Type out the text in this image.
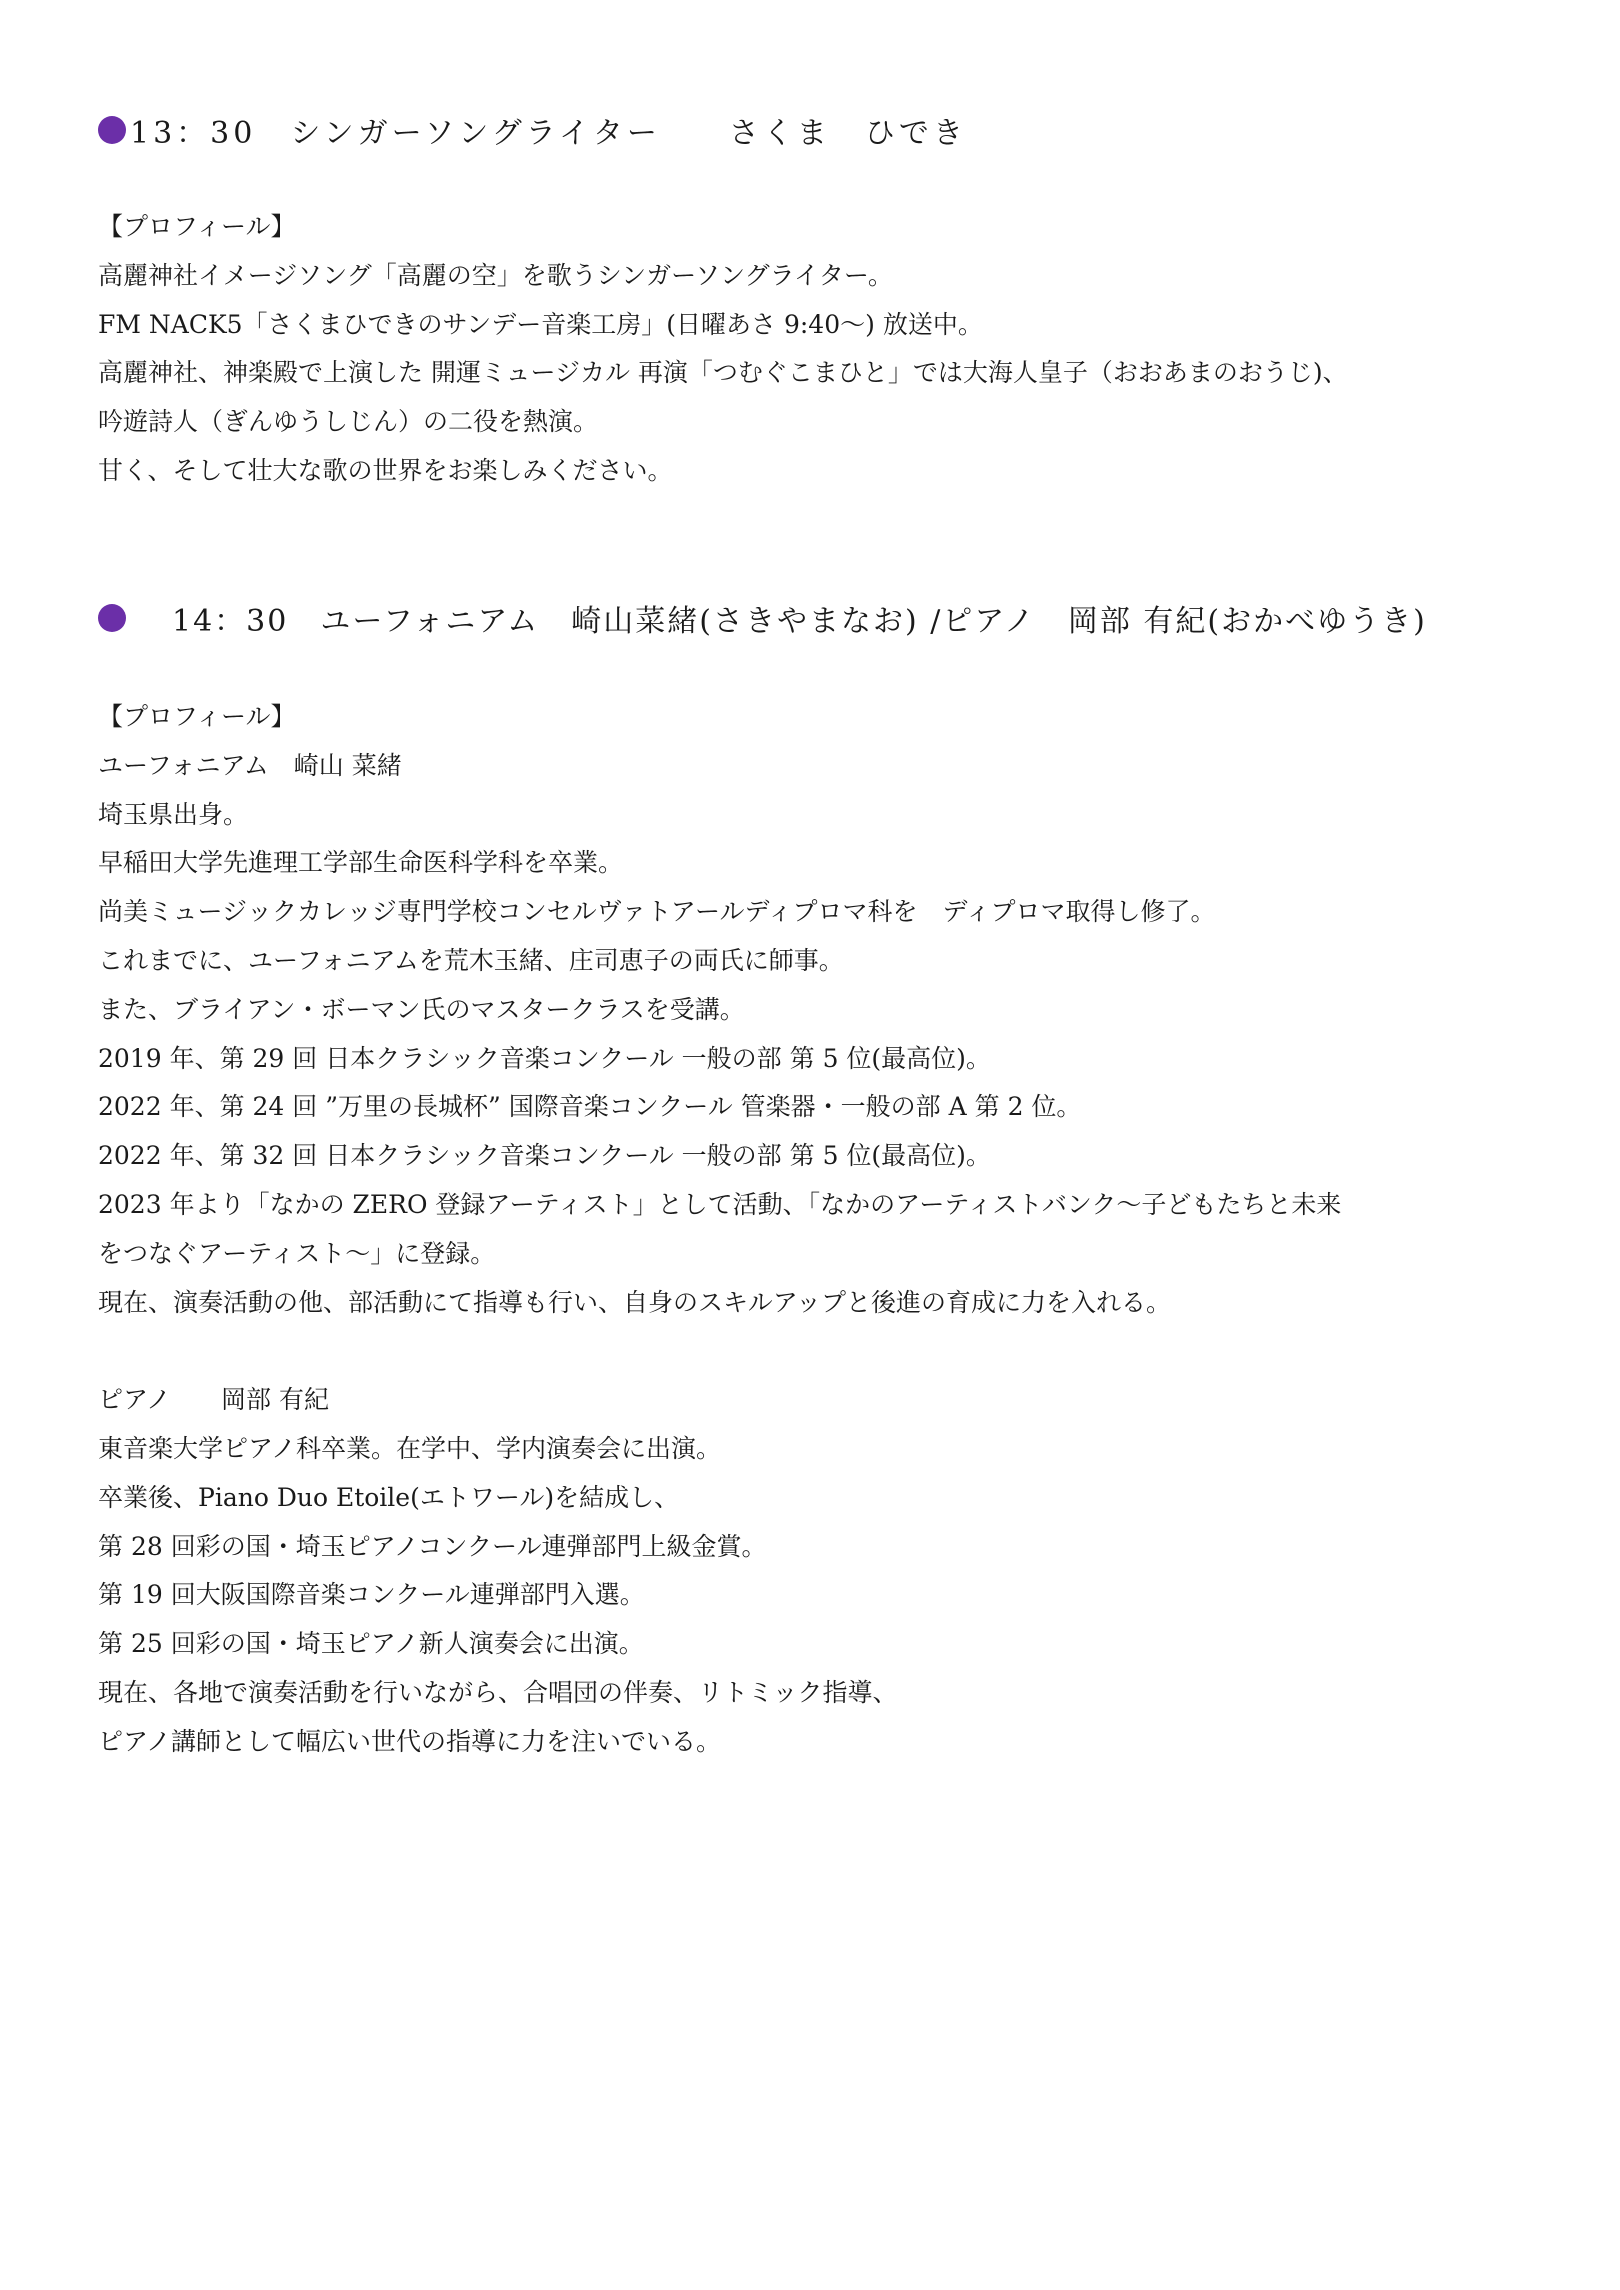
13：30　シンガーソングライター　　さくま　ひでき
【プロフィール】
高麗神社イメージソング「高麗の空」を歌うシンガーソングライター。
FM NACK5「さくまひできのサンデー音楽工房」(日曜あさ 9:40〜) 放送中。
高麗神社、神楽殿で上演した 開運ミュージカル 再演「つむぐこまひと」では大海人皇子（おおあまのおうじ)、
吟遊詩人（ぎんゆうしじん）の二役を熱演。
甘く、そして壮大な歌の世界をお楽しみください。
14：30　ユーフォニアム　崎山菜緒(さきやまなお) /ピアノ　岡部 有紀(おかべゆうき)
【プロフィール】
ユーフォニアム　崎山 菜緒
埼玉県出身。
早稲田大学先進理工学部生命医科学科を卒業。
尚美ミュージックカレッジ専門学校コンセルヴァトアールディプロマ科を　ディプロマ取得し修了。
これまでに、ユーフォニアムを荒木玉緒、庄司恵子の両氏に師事。
また、ブライアン・ボーマン氏のマスタークラスを受講。
2019 年、第 29 回 日本クラシック音楽コンクール 一般の部 第 5 位(最高位)。
2022 年、第 24 回 ”万里の長城杯” 国際音楽コンクール 管楽器・一般の部 A 第 2 位。
2022 年、第 32 回 日本クラシック音楽コンクール 一般の部 第 5 位(最高位)。
2023 年より「なかの ZERO 登録アーティスト」として活動、「なかのアーティストバンク〜子どもたちと未来
をつなぐアーティスト〜」に登録。
現在、演奏活動の他、部活動にて指導も行い、自身のスキルアップと後進の育成に力を入れる。
ピアノ　　岡部 有紀
東音楽大学ピアノ科卒業。在学中、学内演奏会に出演。
卒業後、Piano Duo Etoile(エトワール)を結成し、
第 28 回彩の国・埼玉ピアノコンクール連弾部門上級金賞。
第 19 回大阪国際音楽コンクール連弾部門入選。
第 25 回彩の国・埼玉ピアノ新人演奏会に出演。
現在、各地で演奏活動を行いながら、合唱団の伴奏、リトミック指導、
ピアノ講師として幅広い世代の指導に力を注いでいる。
